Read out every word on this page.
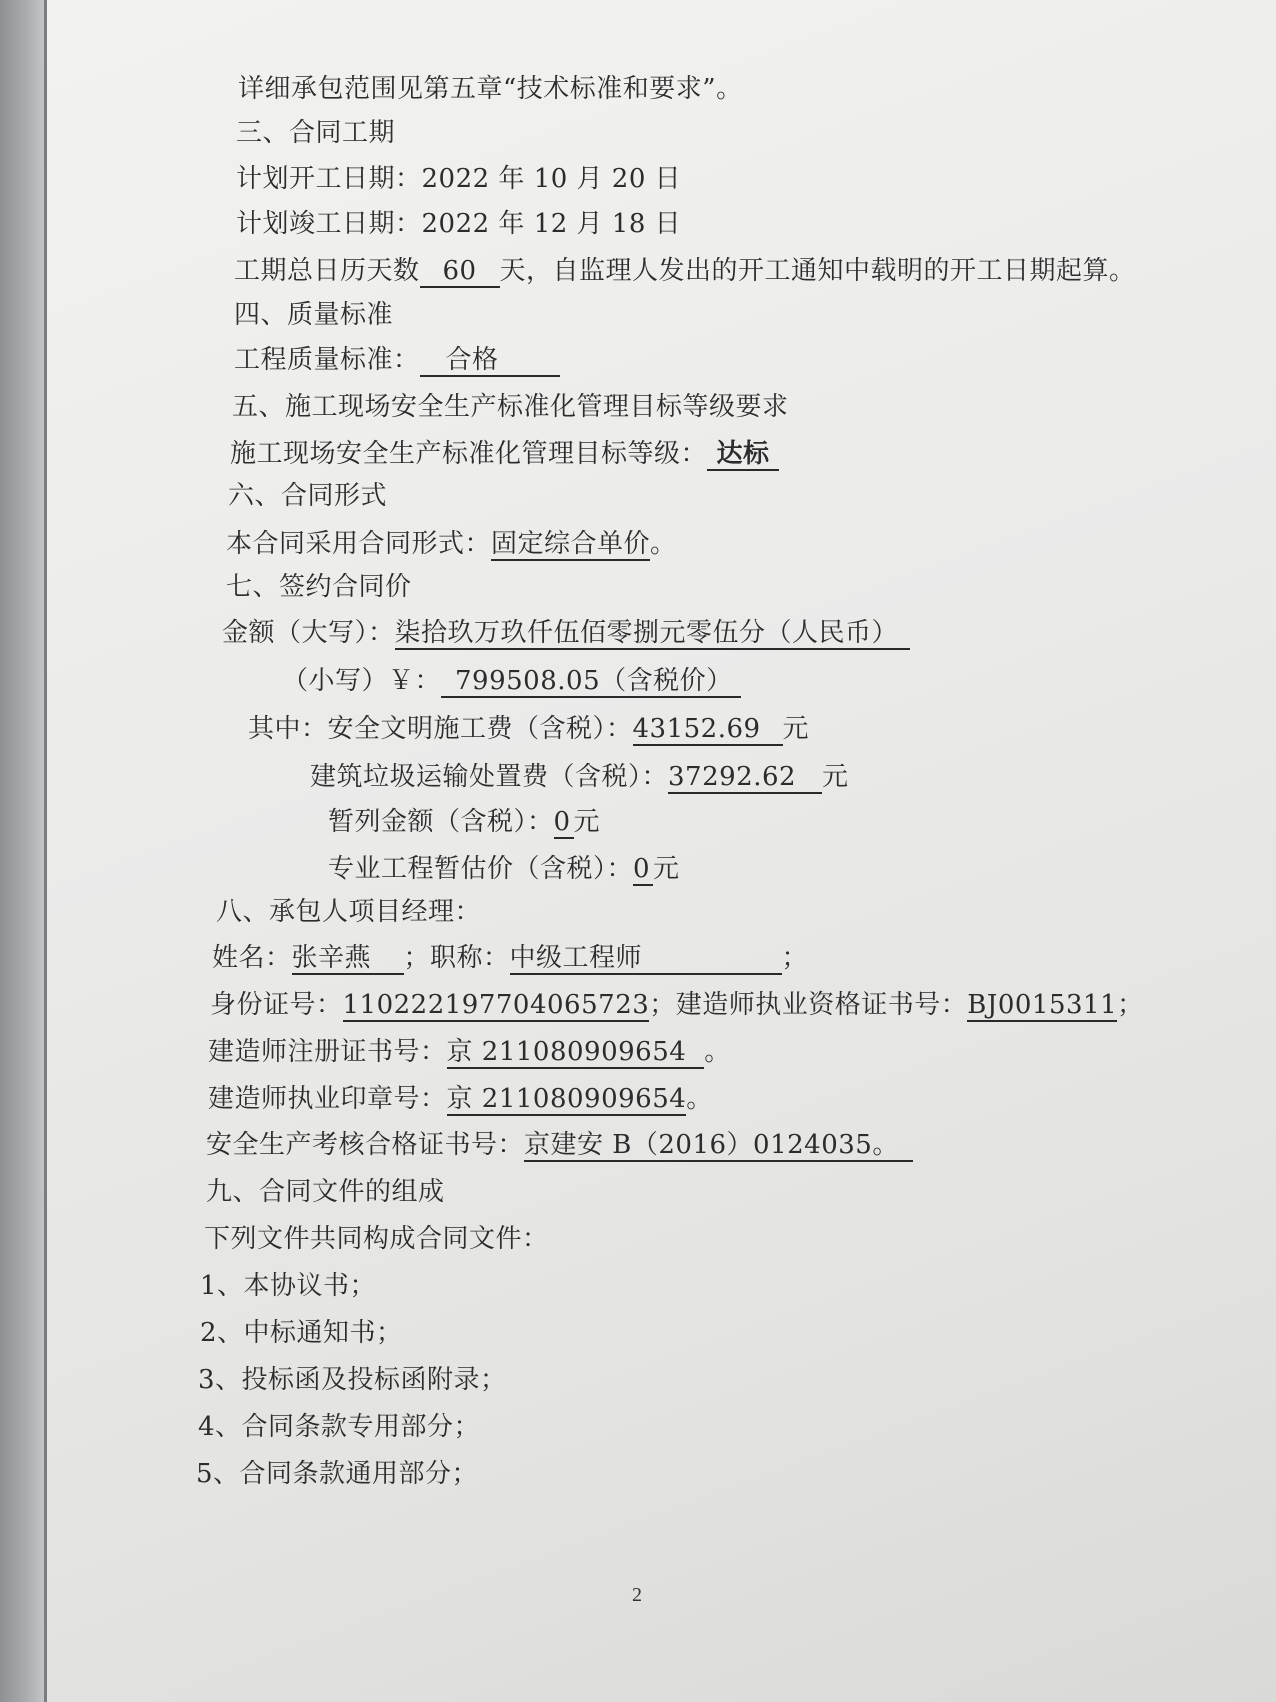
详细承包范围见第五章“技术标准和要求”。
三、合同工期
计划开工日期：2022 年 10 月 20 日
计划竣工日期：2022 年 12 月 18 日
工期总日历天数 60 天，自监理人发出的开工通知中载明的开工日期起算。
四、质量标准
工程质量标准： 合格
五、施工现场安全生产标准化管理目标等级要求
施工现场安全生产标准化管理目标等级： 达标
六、合同形式
本合同采用合同形式：固定综合单价。
七、签约合同价
金额（大写）：柒拾玖万玖仟伍佰零捌元零伍分（人民币）
（小写）￥： 799508.05（含税价）
其中：安全文明施工费（含税）：43152.69 元
建筑垃圾运输处置费（含税）：37292.62 元
暂列金额（含税）：0 元
专业工程暂估价（含税）：0 元
八、承包人项目经理：
姓名：张辛燕 ；职称：中级工程师	；
身份证号：110222197704065723；建造师执业资格证书号：BJ0015311；
建造师注册证书号：京 211080909654 。
建造师执业印章号：京 211080909654。
安全生产考核合格证书号：京建安 B（2016）0124035。
九、合同文件的组成
下列文件共同构成合同文件：
1、本协议书；
2、中标通知书；
3、投标函及投标函附录；
4、合同条款专用部分；
5、合同条款通用部分；
2
